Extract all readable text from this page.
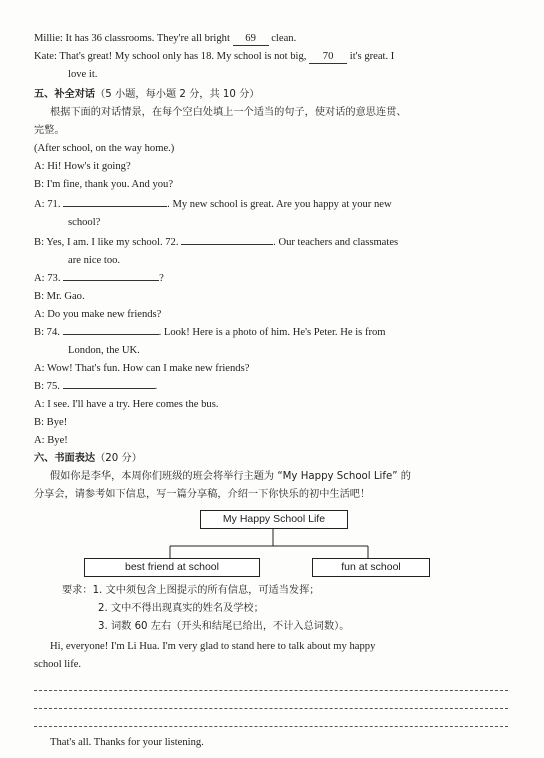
Millie: It has 36 classrooms. They're all bright 69 clean.
Kate: That's great! My school only has 18. My school is not big, 70 it's great. I
love it.
五、补全对话（5 小题，每小题 2 分，共 10 分）
根据下面的对话情景，在每个空白处填上一个适当的句子，使对话的意思连贯、
完整。
(After school, on the way home.)
A: Hi! How's it going?
B: I'm fine, thank you. And you?
A: 71.	. My new school is great. Are you happy at your new
school?
B: Yes, I am. I like my school. 72.	. Our teachers and classmates
are nice too.
A: 73.	?
B: Mr. Gao.
A: Do you make new friends?
B: 74.	. Look! Here is a photo of him. He's Peter. He is from
London, the UK.
A: Wow! That's fun. How can I make new friends?
B: 75.	.
A: I see. I'll have a try. Here comes the bus.
B: Bye!
A: Bye!
六、书面表达（20 分）
假如你是李华，本周你们班级的班会将举行主题为 “My Happy School Life” 的
分享会，请参考如下信息，写一篇分享稿，介绍一下你快乐的初中生活吧！
My Happy School Life
best friend at school	fun at school
要求：1. 文中须包含上图提示的所有信息，可适当发挥；
2. 文中不得出现真实的姓名及学校；
3. 词数 60 左右（开头和结尾已给出，不计入总词数）。
Hi, everyone! I'm Li Hua. I'm very glad to stand here to talk about my happy
school life.
That's all. Thanks for your listening.
